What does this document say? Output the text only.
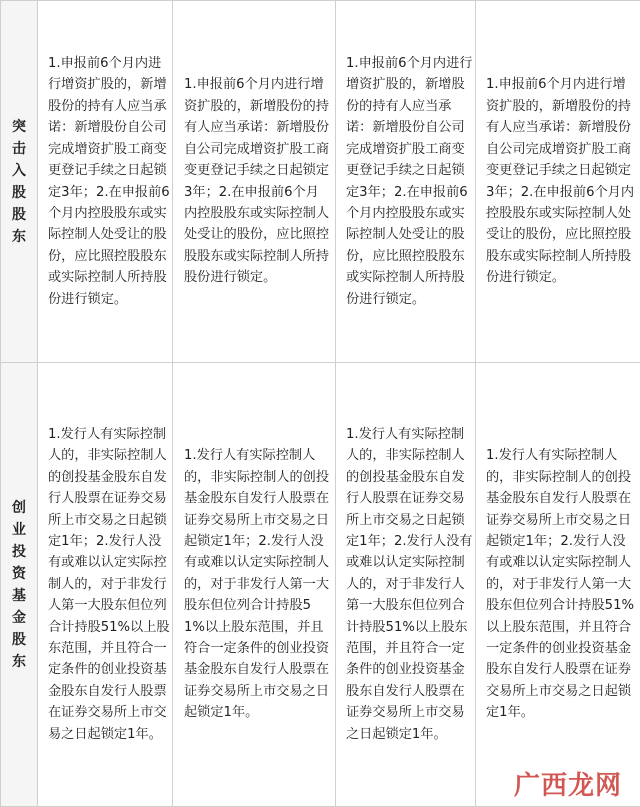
突击入股股东	1.申报前6个月内进行增资扩股的，新增股份的持有人应当承诺：新增股份自公司完成增资扩股工商变更登记手续之日起锁定3年；2.在申报前6个月内控股股东或实际控制人处受让的股份，应比照控股股东或实际控制人所持股份进行锁定。	1.申报前6个月内进行增资扩股的，新增股份的持有人应当承诺：新增股份自公司完成增资扩股工商变更登记手续之日起锁定3年；2.在申报前6个月内控股股东或实际控制人处受让的股份，应比照控股股东或实际控制人所持股份进行锁定。	1.申报前6个月内进行增资扩股的，新增股份的持有人应当承诺：新增股份自公司完成增资扩股工商变更登记手续之日起锁定3年；2.在申报前6个月内控股股东或实际控制人处受让的股份，应比照控股股东或实际控制人所持股份进行锁定。	1.申报前6个月内进行增资扩股的，新增股份的持有人应当承诺：新增股份自公司完成增资扩股工商变更登记手续之日起锁定3年；2.在申报前6个月内控股股东或实际控制人处受让的股份，应比照控股股东或实际控制人所持股份进行锁定。
创业投资基金股东	1.发行人有实际控制人的，非实际控制人的创投基金股东自发行人股票在证券交易所上市交易之日起锁定1年；2.发行人没有或难以认定实际控制人的，对于非发行人第一大股东但位列合计持股51%以上股东范围，并且符合一定条件的创业投资基金股东自发行人股票在证券交易所上市交易之日起锁定1年。	1.发行人有实际控制人的，非实际控制人的创投基金股东自发行人股票在证券交易所上市交易之日起锁定1年；2.发行人没有或难以认定实际控制人的，对于非发行人第一大股东但位列合计持股51%以上股东范围，并且符合一定条件的创业投资基金股东自发行人股票在证券交易所上市交易之日起锁定1年。	1.发行人有实际控制人的，非实际控制人的创投基金股东自发行人股票在证券交易所上市交易之日起锁定1年；2.发行人没有或难以认定实际控制人的，对于非发行人第一大股东但位列合计持股51%以上股东范围，并且符合一定条件的创业投资基金股东自发行人股票在证券交易所上市交易之日起锁定1年。	1.发行人有实际控制人的，非实际控制人的创投基金股东自发行人股票在证券交易所上市交易之日起锁定1年；2.发行人没有或难以认定实际控制人的，对于非发行人第一大股东但位列合计持股51%以上股东范围，并且符合一定条件的创业投资基金股东自发行人股票在证券交易所上市交易之日起锁定1年。
广西龙网
